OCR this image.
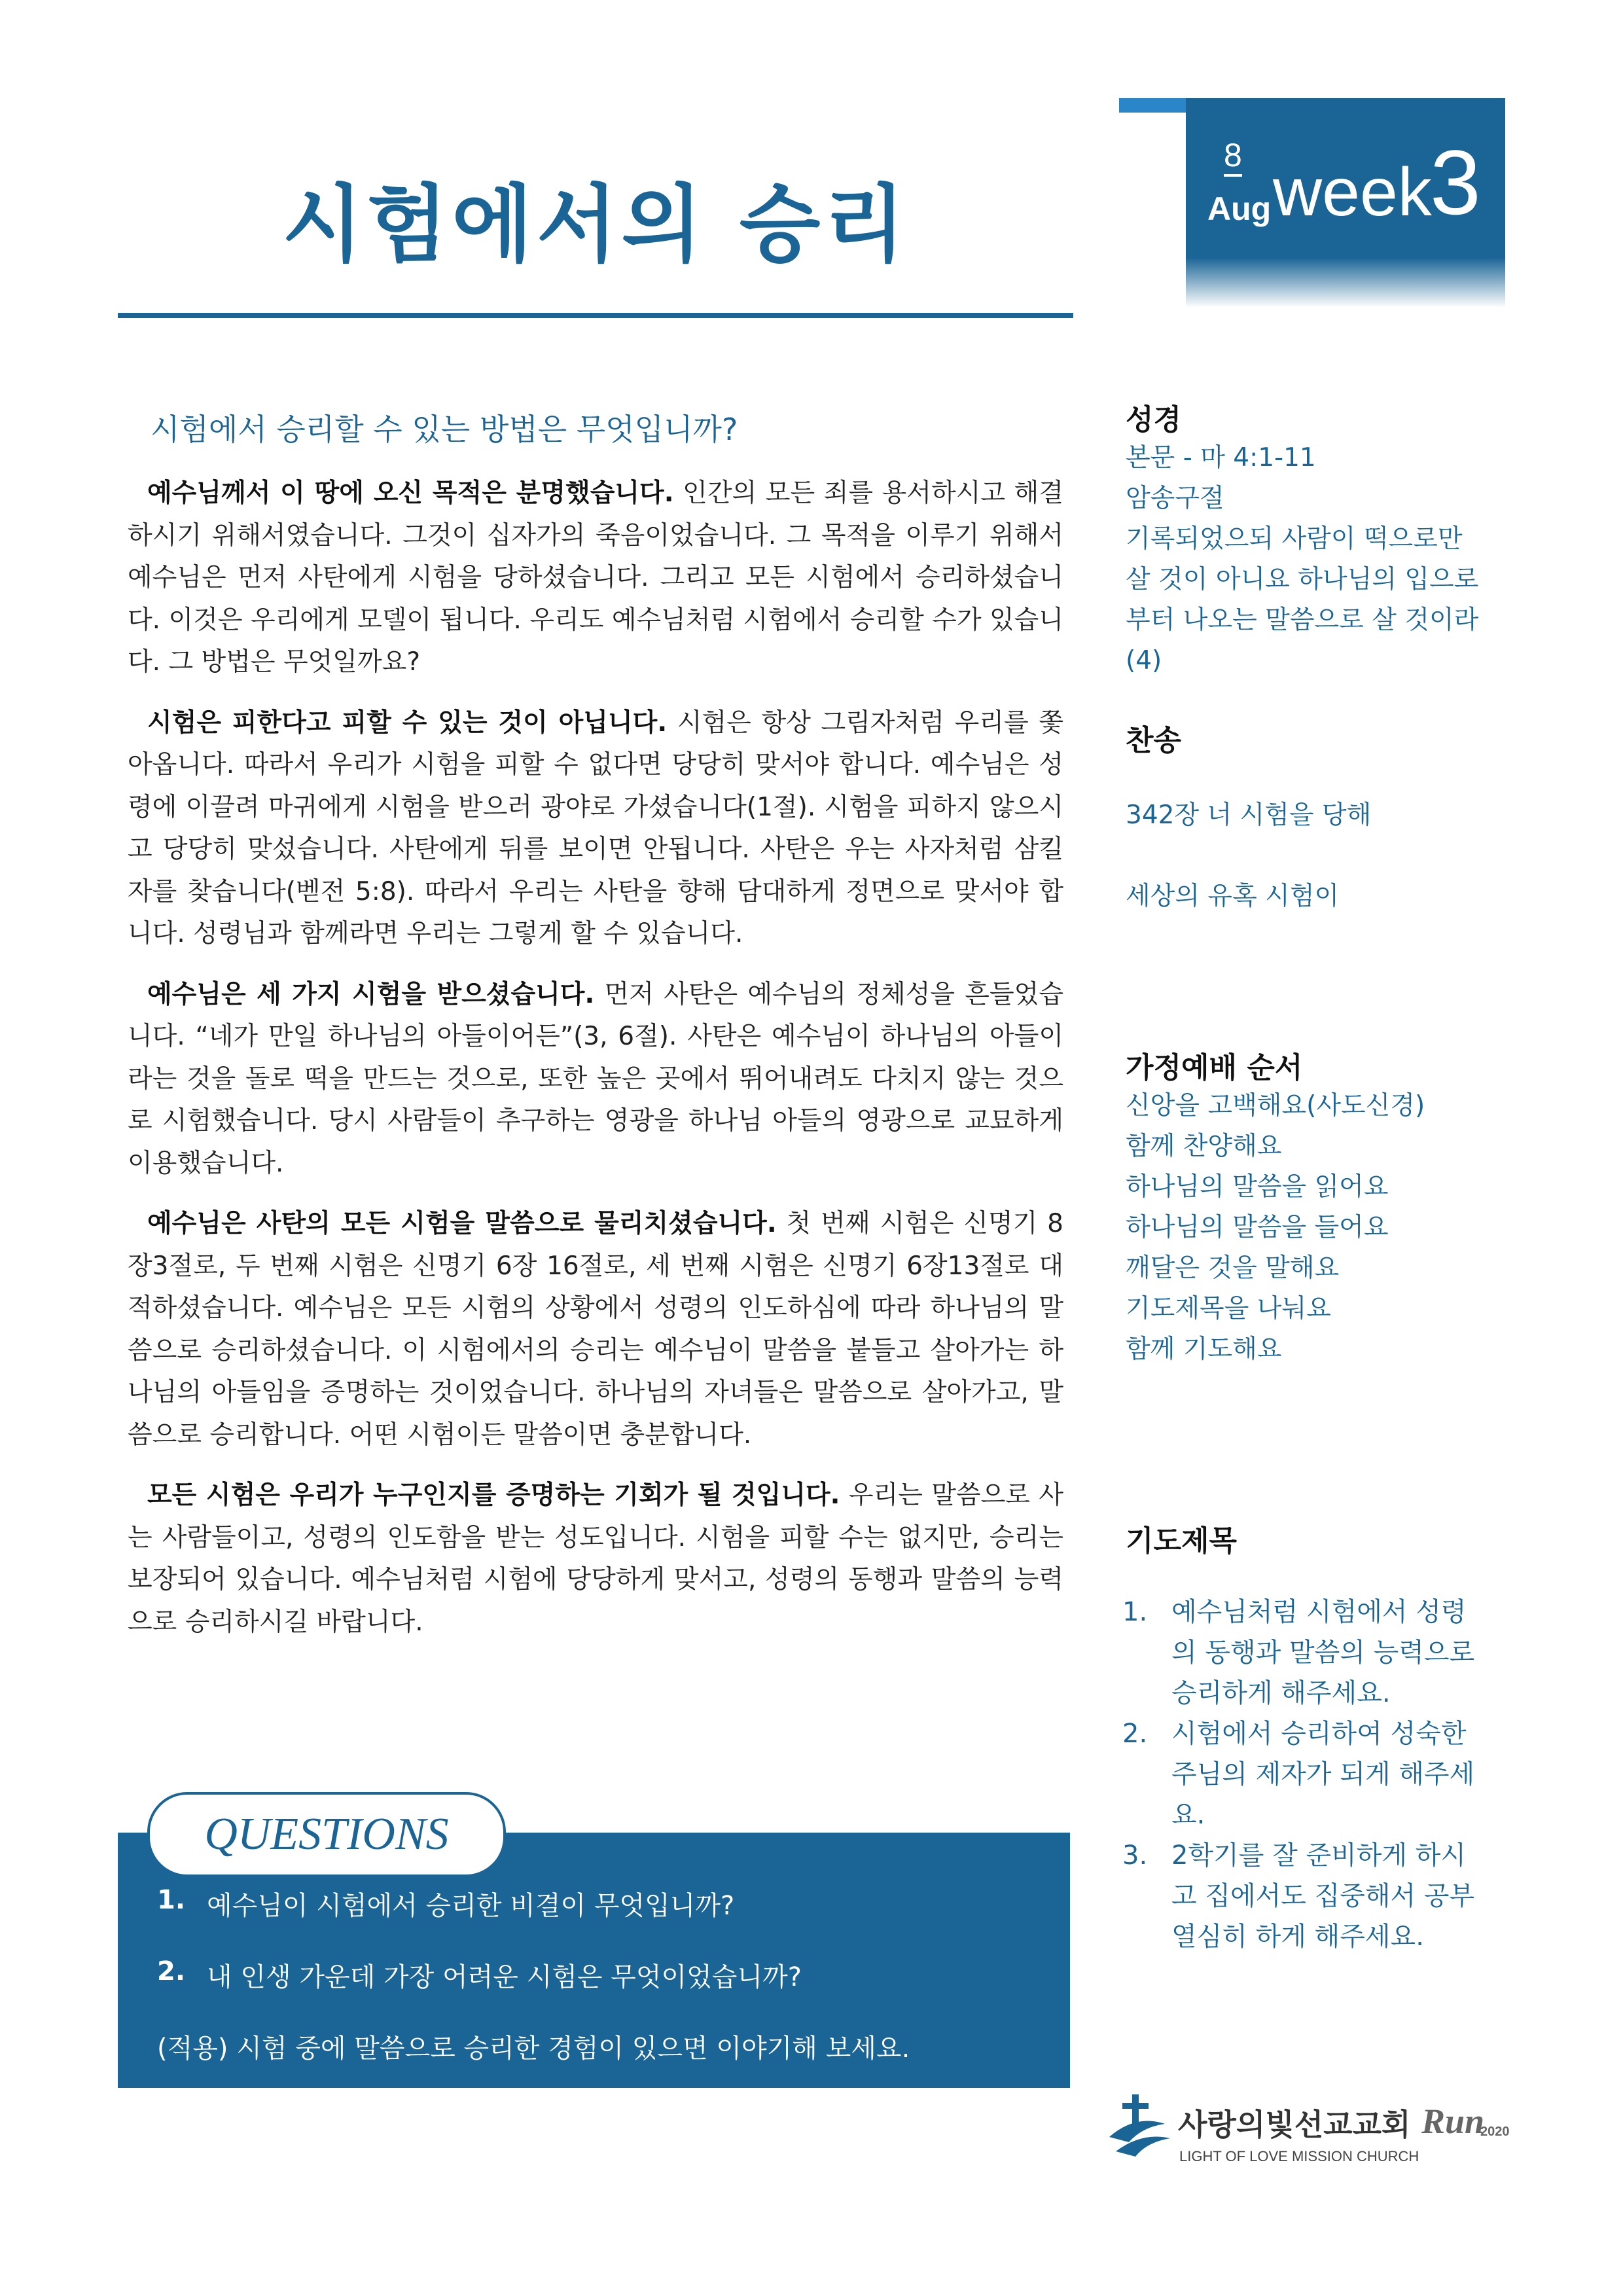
시험에서의 승리
8
Aug week
3
시험에서 승리할 수 있는 방법은 무엇입니까?

예수님께서 이 땅에 오신 목적은 분명했습니다. 인간의 모든 죄를 용서하시고 해결하시기 위해서였습니다. 그것이 십자가의 죽음이었습니다. 그 목적을 이루기 위해서 예수님은 먼저 사탄에게 시험을 당하셨습니다. 그리고 모든 시험에서 승리하셨습니다. 이것은 우리에게 모델이 됩니다. 우리도 예수님처럼 시험에서 승리할 수가 있습니다. 그 방법은 무엇일까요?

시험은 피한다고 피할 수 있는 것이 아닙니다. 시험은 항상 그림자처럼 우리를 쫓아옵니다. 따라서 우리가 시험을 피할 수 없다면 당당히 맞서야 합니다. 예수님은 성령에 이끌려 마귀에게 시험을 받으러 광야로 가셨습니다(1절). 시험을 피하지 않으시고 당당히 맞섰습니다. 사탄에게 뒤를 보이면 안됩니다. 사탄은 우는 사자처럼 삼킬 자를 찾습니다(벧전 5:8). 따라서 우리는 사탄을 향해 담대하게 정면으로 맞서야 합니다. 성령님과 함께라면 우리는 그렇게 할 수 있습니다.

예수님은 세 가지 시험을 받으셨습니다. 먼저 사탄은 예수님의 정체성을 흔들었습니다. “네가 만일 하나님의 아들이어든”(3, 6절). 사탄은 예수님이 하나님의 아들이라는 것을 돌로 떡을 만드는 것으로, 또한 높은 곳에서 뛰어내려도 다치지 않는 것으로 시험했습니다. 당시 사람들이 추구하는 영광을 하나님 아들의 영광으로 교묘하게 이용했습니다.

예수님은 사탄의 모든 시험을 말씀으로 물리치셨습니다. 첫 번째 시험은 신명기 8장3절로, 두 번째 시험은 신명기 6장 16절로, 세 번째 시험은 신명기 6장13절로 대적하셨습니다. 예수님은 모든 시험의 상황에서 성령의 인도하심에 따라 하나님의 말씀으로 승리하셨습니다. 이 시험에서의 승리는 예수님이 말씀을 붙들고 살아가는 하나님의 아들임을 증명하는 것이었습니다. 하나님의 자녀들은 말씀으로 살아가고, 말씀으로 승리합니다. 어떤 시험이든 말씀이면 충분합니다.

모든 시험은 우리가 누구인지를 증명하는 기회가 될 것입니다. 우리는 말씀으로 사는 사람들이고, 성령의 인도함을 받는 성도입니다. 시험을 피할 수는 없지만, 승리는 보장되어 있습니다. 예수님처럼 시험에 당당하게 맞서고, 성령의 동행과 말씀의 능력으로 승리하시길 바랍니다.

QUESTIONS
1. 예수님이 시험에서 승리한 비결이 무엇입니까?
2. 내 인생 가운데 가장 어려운 시험은 무엇이었습니까?
(적용) 시험 중에 말씀으로 승리한 경험이 있으면 이야기해 보세요.
성경
본문 - 마 4:1-11
암송구절
기록되었으되 사람이 떡으로만 살 것이 아니요 하나님의 입으로부터 나오는 말씀으로 살 것이라(4)
찬송
342장 너 시험을 당해
세상의 유혹 시험이
가정예배 순서
신앙을 고백해요(사도신경)
함께 찬양해요
하나님의 말씀을 읽어요
하나님의 말씀을 들어요
깨달은 것을 말해요
기도제목을 나눠요
함께 기도해요
기도제목
1. 예수님처럼 시험에서 성령의 동행과 말씀의 능력으로 승리하게 해주세요.
2. 시험에서 승리하여 성숙한 주님의 제자가 되게 해주세요.
3. 2학기를 잘 준비하게 하시고 집에서도 집중해서 공부 열심히 하게 해주세요.
사랑의빛선교교회
LIGHT OF LOVE MISSION CHURCH
Run
2020
